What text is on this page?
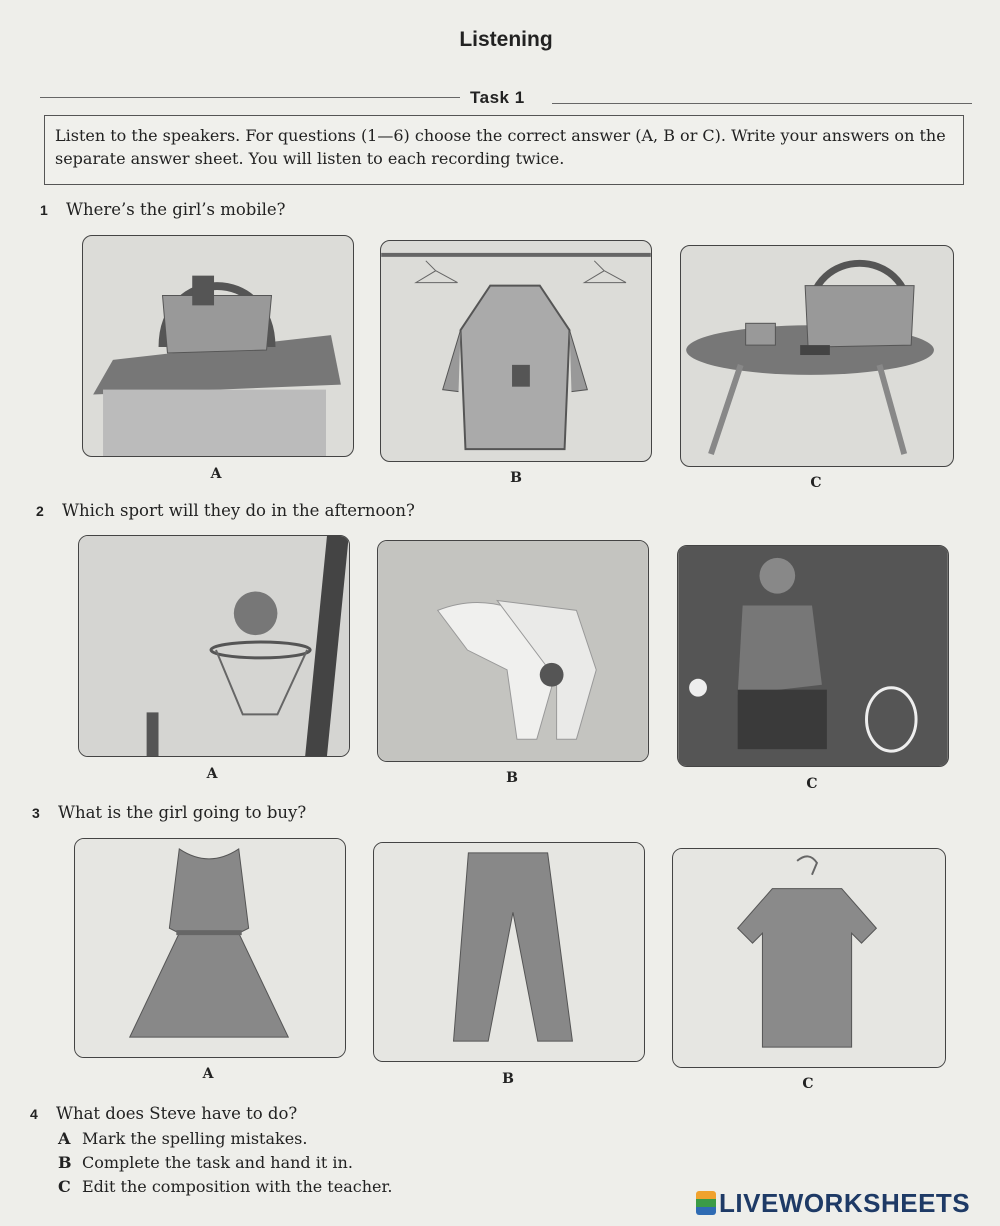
Listening
Task 1
Listen to the speakers. For questions (1—6) choose the correct answer (A, B or C). Write your answers on the separate answer sheet. You will listen to each recording twice.
1 Where’s the girl’s mobile?
A	B	C
2 Which sport will they do in the afternoon?
A	B	C
3 What is the girl going to buy?
A	B	C
4 What does Steve have to do?
A Mark the spelling mistakes.
B Complete the task and hand it in.
C Edit the composition with the teacher.
LIVEWORKSHEETS
